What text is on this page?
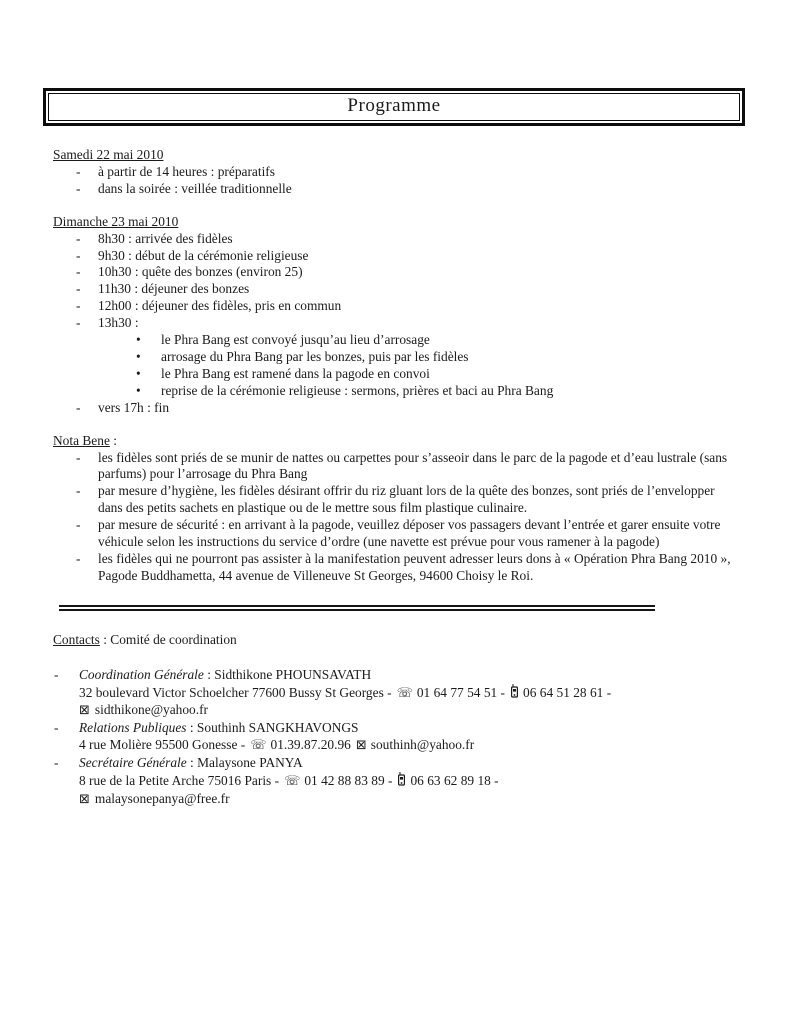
Programme
Samedi 22 mai 2010
- à partir de 14 heures : préparatifs
- dans la soirée : veillée traditionnelle
Dimanche 23 mai 2010
- 8h30 : arrivée des fidèles
- 9h30 : début de la cérémonie religieuse
- 10h30 : quête des bonzes (environ 25)
- 11h30 : déjeuner des bonzes
- 12h00 : déjeuner des fidèles, pris en commun
- 13h30 :
• le Phra Bang est convoyé jusqu’au lieu d’arrosage
• arrosage du Phra Bang par les bonzes, puis par les fidèles
• le Phra Bang est ramené dans la pagode en convoi
• reprise de la cérémonie religieuse : sermons, prières et baci au Phra Bang
- vers 17h : fin
Nota Bene :
- les fidèles sont priés de se munir de nattes ou carpettes pour s’asseoir dans le parc de la pagode et d’eau lustrale (sans parfums) pour l’arrosage du Phra Bang
- par mesure d’hygiène, les fidèles désirant offrir du riz gluant lors de la quête des bonzes, sont priés de l’envelopper dans des petits sachets en plastique ou de le mettre sous film plastique culinaire.
- par mesure de sécurité : en arrivant à la pagode, veuillez déposer vos passagers devant l’entrée et garer ensuite votre véhicule selon les instructions du service d’ordre (une navette est prévue pour vous ramener à la pagode)
- les fidèles qui ne pourront pas assister à la manifestation peuvent adresser leurs dons à « Opération Phra Bang 2010 », Pagode Buddhametta, 44 avenue de Villeneuve St Georges, 94600 Choisy le Roi.
Contacts : Comité de coordination
- Coordination Générale : Sidthikone PHOUNSAVATH
32 boulevard Victor Schoelcher 77600 Bussy St Georges - ☏ 01 64 77 54 51 - 06 64 51 28 61 -
⊠ sidthikone@yahoo.fr
- Relations Publiques : Southinh SANGKHAVONGS
4 rue Molière 95500 Gonesse - ☏ 01.39.87.20.96 ⊠ southinh@yahoo.fr
- Secrétaire Générale : Malaysone PANYA
8 rue de la Petite Arche 75016 Paris - ☏ 01 42 88 83 89 - 06 63 62 89 18 -
⊠ malaysonepanya@free.fr
